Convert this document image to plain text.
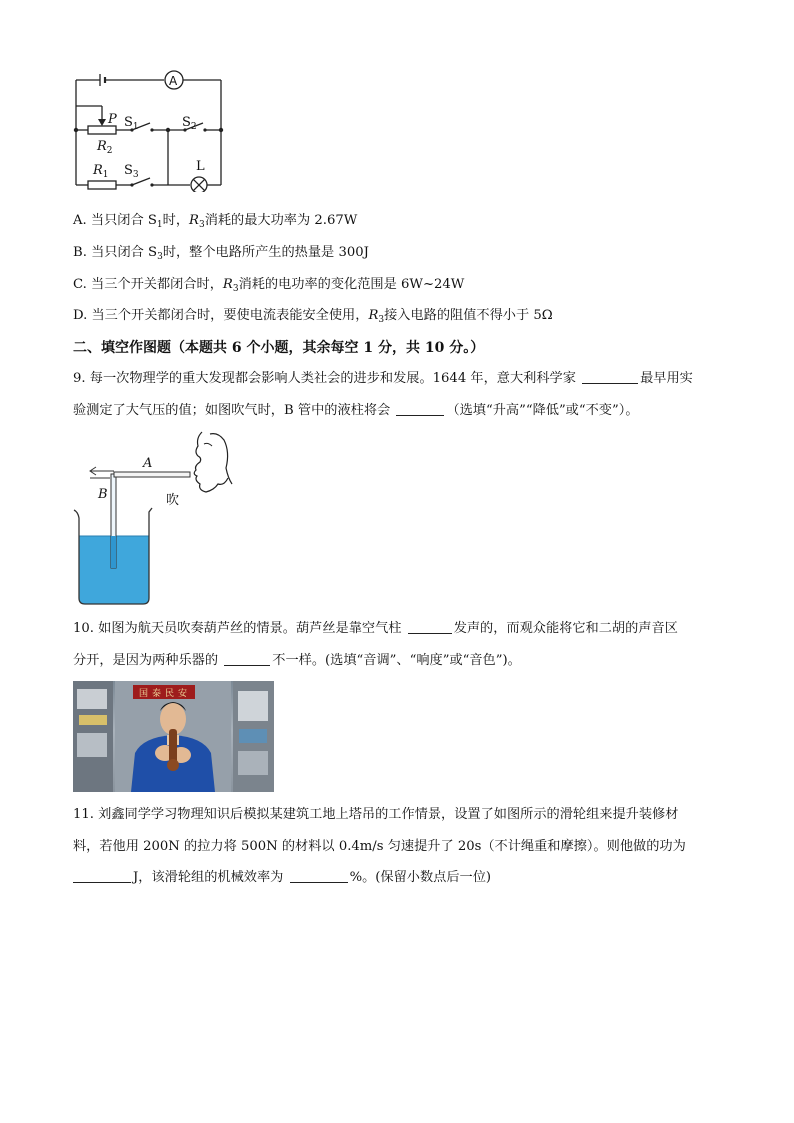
A
P $S_1$	$S_2$
$R_2$
L
$R_1$ $S_3$
A. 当只闭合 $S_1$时，$R_3$消耗的最大功率为 2.67W
B. 当只闭合 $S_3$时，整个电路所产生的热量是 300J
C. 当三个开关都闭合时，$R_3$消耗的电功率的变化范围是 6W~24W
D. 当三个开关都闭合时，要使电流表能安全使用，$R_3$接入电路的阻值不得小于 5Ω
二、填空作图题（本题共 6 个小题，其余每空 1 分，共 10 分。）
9. 每一次物理学的重大发现都会影响人类社会的进步和发展。1644 年，意大利科学家	最早用实
验测定了大气压的值；如图吹气时，B 管中的液柱将会	（选填“升高”“降低”或“不变”）。
A
B	吹
10. 如图为航天员吹奏葫芦丝的情景。葫芦丝是靠空气柱	发声的，而观众能将它和二胡的声音区
分开，是因为两种乐器的	不一样。(选填“音调”、“响度”或“音色”)。
国泰民安
11. 刘鑫同学学习物理知识后模拟某建筑工地上塔吊的工作情景，设置了如图所示的滑轮组来提升装修材
料，若他用 200N 的拉力将 500N 的材料以 0.4m/s 匀速提升了 20s（不计绳重和摩擦）。则他做的功为
J，该滑轮组的机械效率为	%。(保留小数点后一位)
